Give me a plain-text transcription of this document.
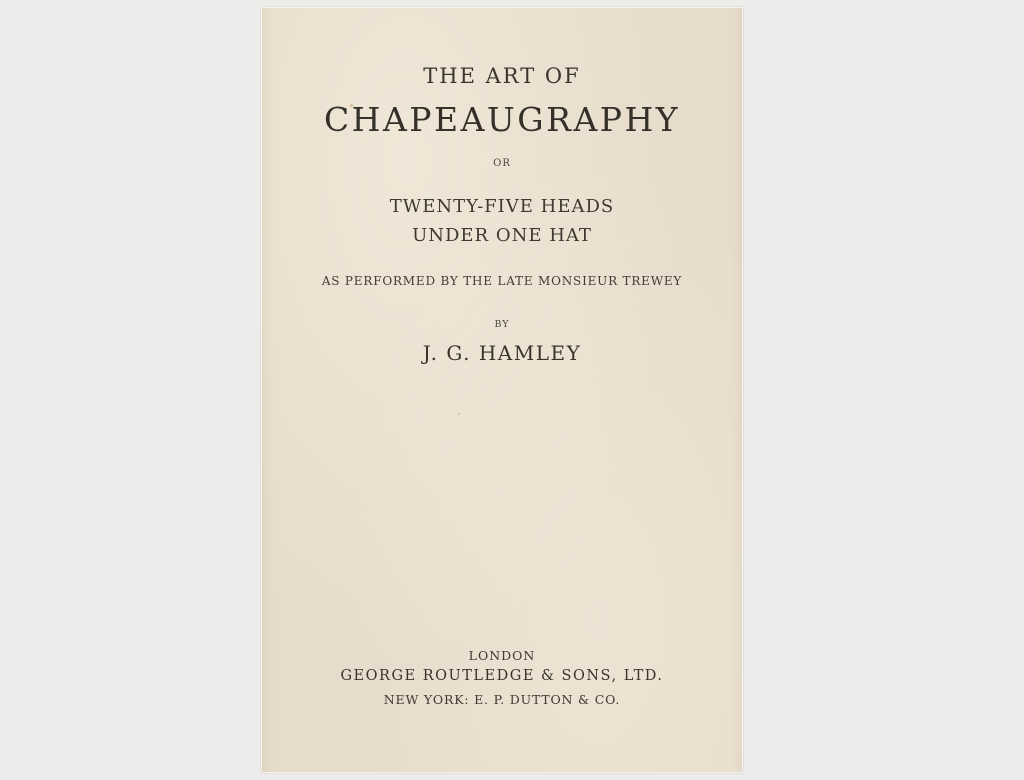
THE ART OF
CHAPEAUGRAPHY
OR
TWENTY-FIVE HEADS
UNDER ONE HAT
AS PERFORMED BY THE LATE MONSIEUR TREWEY
BY
J. G. HAMLEY
LONDON
GEORGE ROUTLEDGE & SONS, LTD.
NEW YORK: E. P. DUTTON & CO.
